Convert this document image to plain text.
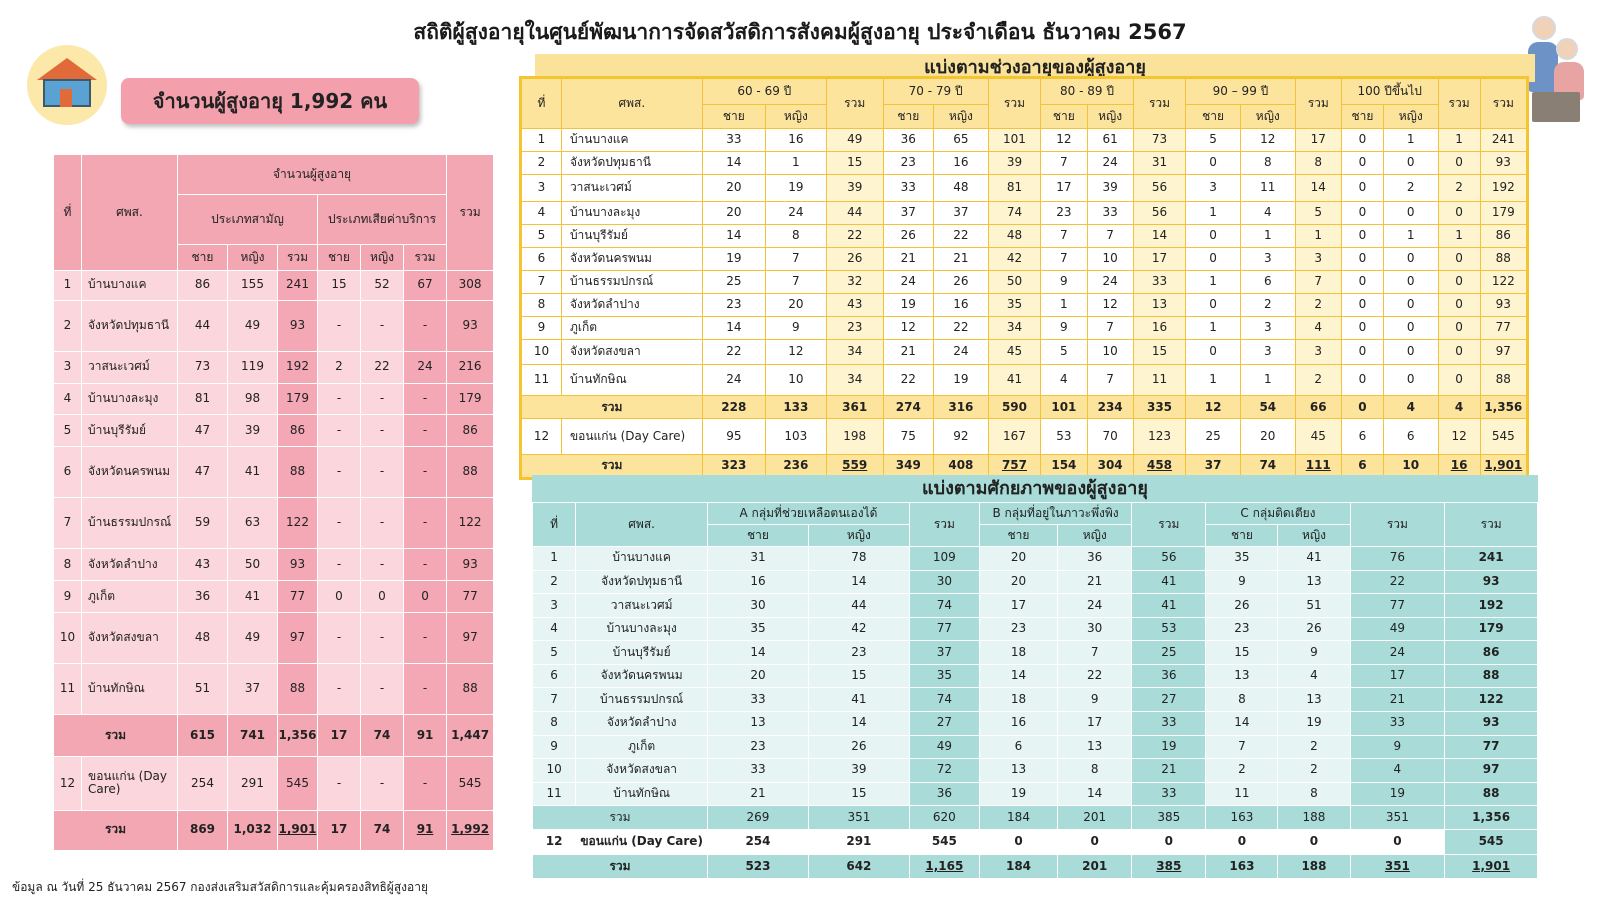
สถิติผู้สูงอายุในศูนย์พัฒนาการจัดสวัสดิการสังคมผู้สูงอายุ ประจำเดือน ธันวาคม 2567
จำนวนผู้สูงอายุ 1,992 คน
ที่	ศพส.	จำนวนผู้สูงอายุ						รวม
		ประเภทสามัญ			ประเภทเสียค่าบริการ			
		ชาย	หญิง	รวม	ชาย	หญิง	รวม	
1	บ้านบางแค	86	155	241	15	52	67	308
2	จังหวัดปทุมธานี	44	49	93	-	-	-	93
3	วาสนะเวศม์	73	119	192	2	22	24	216
4	บ้านบางละมุง	81	98	179	-	-	-	179
5	บ้านบุรีรัมย์	47	39	86	-	-	-	86
6	จังหวัดนครพนม	47	41	88	-	-	-	88
7	บ้านธรรมปกรณ์	59	63	122	-	-	-	122
8	จังหวัดลำปาง	43	50	93	-	-	-	93
9	ภูเก็ต	36	41	77	0	0	0	77
10	จังหวัดสงขลา	48	49	97	-	-	-	97
11	บ้านทักษิณ	51	37	88	-	-	-	88
รวม		615	741	1,356	17	74	91	1,447
12	ขอนแก่น (Day Care)	254	291	545	-	-	-	545
รวม		869	1,032	1,901	17	74	91	1,992
แบ่งตามช่วงอายุของผู้สูงอายุ
ที่	ศพส.	60 - 69 ปี		รวม	70 - 79 ปี		รวม	80 - 89 ปี		รวม	90 – 99 ปี		รวม	100 ปีขึ้นไป		รวม	รวม
		ชาย	หญิง		ชาย	หญิง		ชาย	หญิง		ชาย	หญิง		ชาย	หญิง		
1	บ้านบางแค	33	16	49	36	65	101	12	61	73	5	12	17	0	1	1	241
2	จังหวัดปทุมธานี	14	1	15	23	16	39	7	24	31	0	8	8	0	0	0	93
3	วาสนะเวศม์	20	19	39	33	48	81	17	39	56	3	11	14	0	2	2	192
4	บ้านบางละมุง	20	24	44	37	37	74	23	33	56	1	4	5	0	0	0	179
5	บ้านบุรีรัมย์	14	8	22	26	22	48	7	7	14	0	1	1	0	1	1	86
6	จังหวัดนครพนม	19	7	26	21	21	42	7	10	17	0	3	3	0	0	0	88
7	บ้านธรรมปกรณ์	25	7	32	24	26	50	9	24	33	1	6	7	0	0	0	122
8	จังหวัดลำปาง	23	20	43	19	16	35	1	12	13	0	2	2	0	0	0	93
9	ภูเก็ต	14	9	23	12	22	34	9	7	16	1	3	4	0	0	0	77
10	จังหวัดสงขลา	22	12	34	21	24	45	5	10	15	0	3	3	0	0	0	97
11	บ้านทักษิณ	24	10	34	22	19	41	4	7	11	1	1	2	0	0	0	88
รวม		228	133	361	274	316	590	101	234	335	12	54	66	0	4	4	1,356
12	ขอนแก่น (Day Care)	95	103	198	75	92	167	53	70	123	25	20	45	6	6	12	545
รวม		323	236	559	349	408	757	154	304	458	37	74	111	6	10	16	1,901
แบ่งตามศักยภาพของผู้สูงอายุ
ที่	ศพส.	A กลุ่มที่ช่วยเหลือตนเองได้		รวม	B กลุ่มที่อยู่ในภาวะพึ่งพิง		รวม	C กลุ่มติดเตียง		รวม	รวม
		ชาย	หญิง		ชาย	หญิง		ชาย	หญิง		
1	บ้านบางแค	31	78	109	20	36	56	35	41	76	241
2	จังหวัดปทุมธานี	16	14	30	20	21	41	9	13	22	93
3	วาสนะเวศม์	30	44	74	17	24	41	26	51	77	192
4	บ้านบางละมุง	35	42	77	23	30	53	23	26	49	179
5	บ้านบุรีรัมย์	14	23	37	18	7	25	15	9	24	86
6	จังหวัดนครพนม	20	15	35	14	22	36	13	4	17	88
7	บ้านธรรมปกรณ์	33	41	74	18	9	27	8	13	21	122
8	จังหวัดลำปาง	13	14	27	16	17	33	14	19	33	93
9	ภูเก็ต	23	26	49	6	13	19	7	2	9	77
10	จังหวัดสงขลา	33	39	72	13	8	21	2	2	4	97
11	บ้านทักษิณ	21	15	36	19	14	33	11	8	19	88
รวม		269	351	620	184	201	385	163	188	351	1,356
12	ขอนแก่น (Day Care)	254	291	545	0	0	0	0	0	0	545
รวม		523	642	1,165	184	201	385	163	188	351	1,901
ข้อมูล ณ วันที่ 25 ธันวาคม 2567 กองส่งเสริมสวัสดิการและคุ้มครองสิทธิผู้สูงอายุ
